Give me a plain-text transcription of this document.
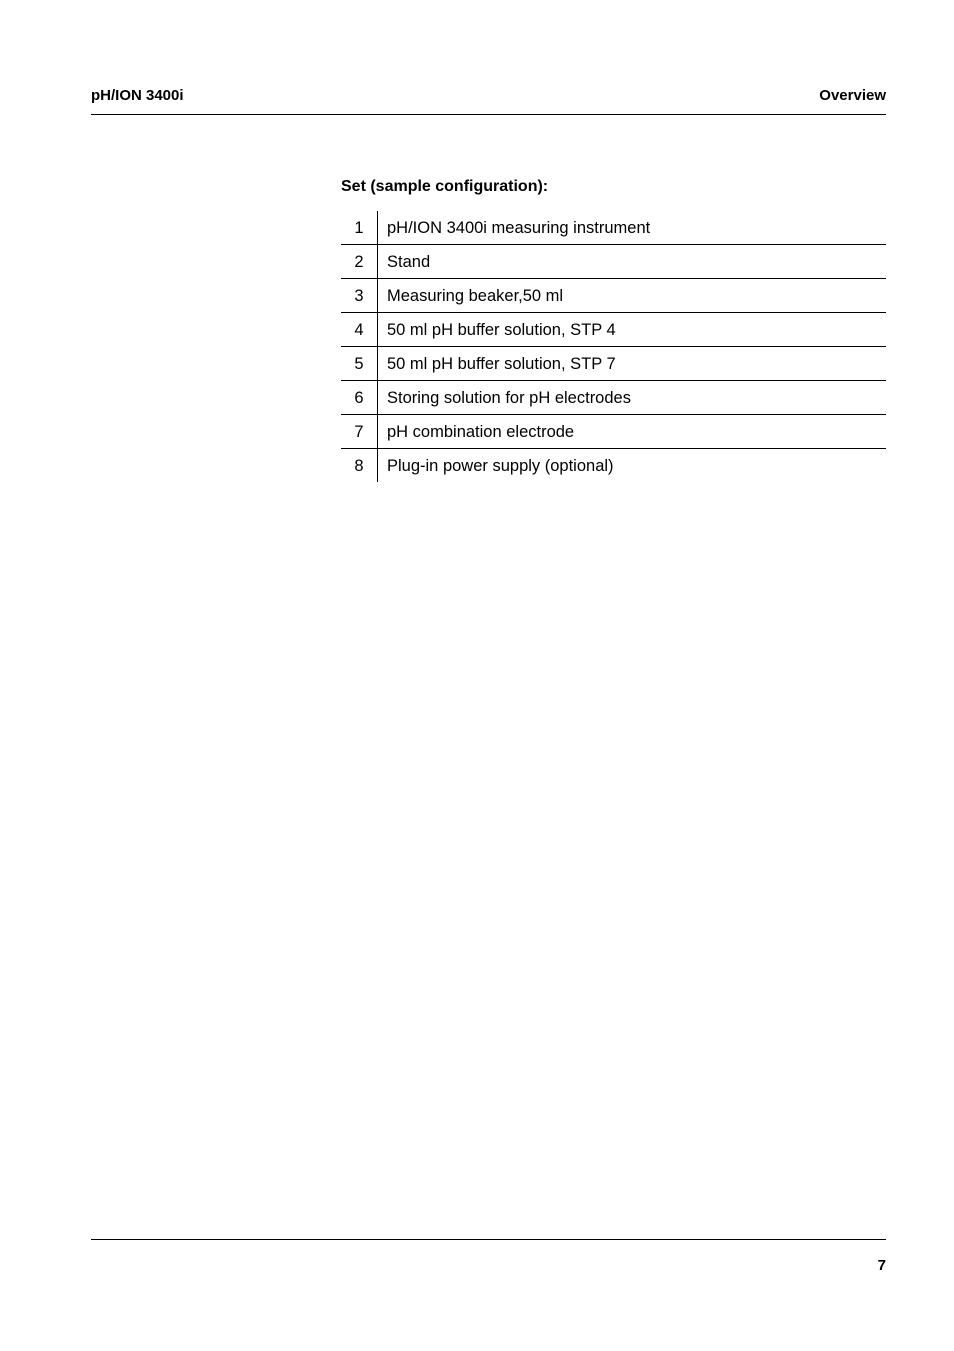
pH/ION 3400i	Overview
Set (sample configuration):
1	pH/ION 3400i measuring instrument
2	Stand
3	Measuring beaker,50 ml
4	50 ml pH buffer solution, STP 4
5	50 ml pH buffer solution, STP 7
6	Storing solution for pH electrodes
7	pH combination electrode
8	Plug-in power supply (optional)
7
